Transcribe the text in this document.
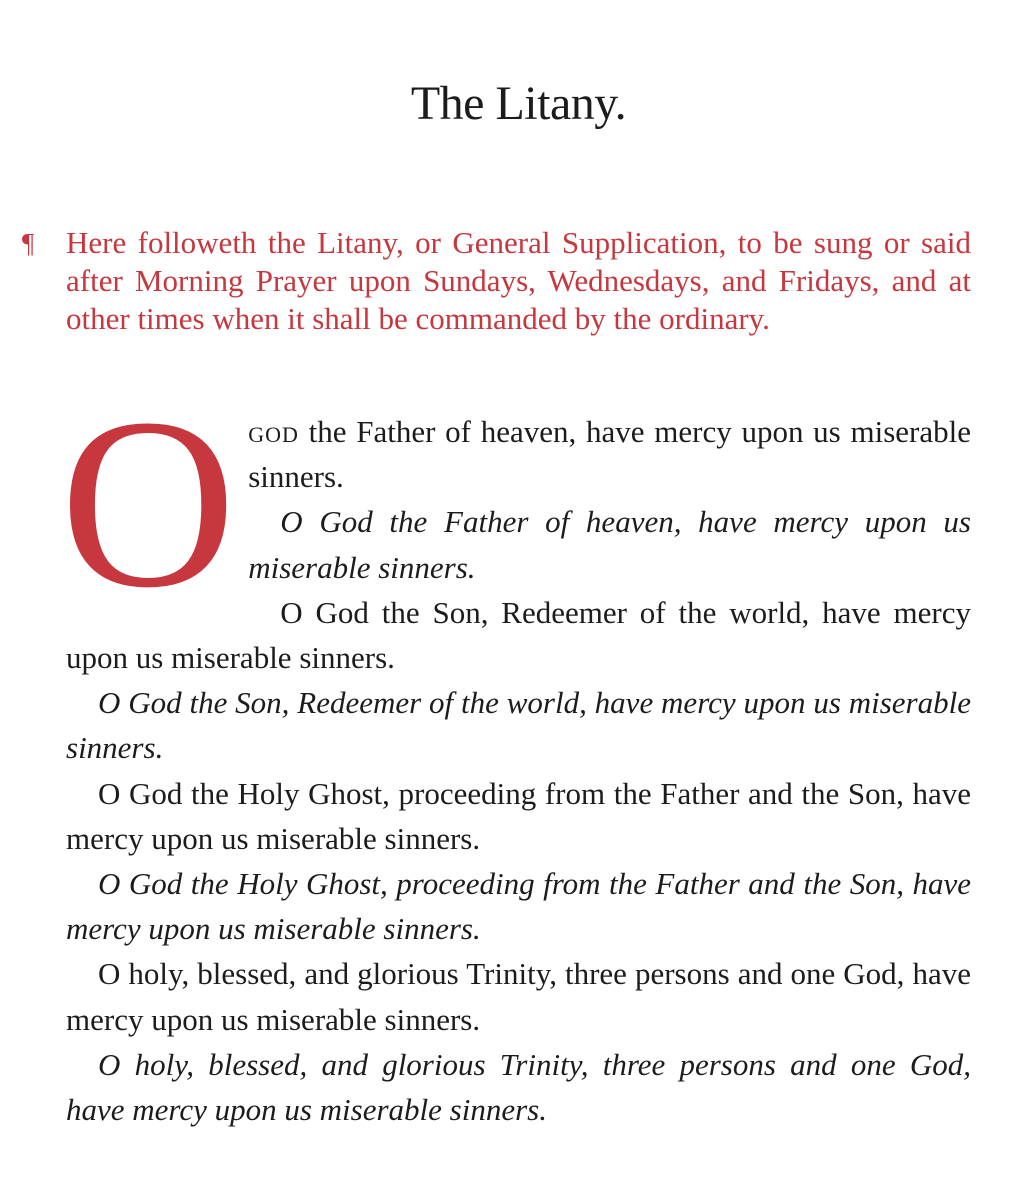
The Litany.
¶ Here followeth the Litany, or General Supplication, to be sung or said after Morning Prayer upon Sundays, Wednesdays, and Fridays, and at other times when it shall be commanded by the ordinary.

Ogod the Father of heaven, have mercy upon us miserable sinners.

O God the Father of heaven, have mercy upon us miserable sinners.

O God the Son, Redeemer of the world, have mercy upon us miserable sinners.

O God the Son, Redeemer of the world, have mercy upon us miserable sinners.

O God the Holy Ghost, proceeding from the Father and the Son, have mercy upon us miserable sinners.

O God the Holy Ghost, proceeding from the Father and the Son, have mercy upon us miserable sinners.

O holy, blessed, and glorious Trinity, three persons and one God, have mercy upon us miserable sinners.

O holy, blessed, and glorious Trinity, three persons and one God, have mercy upon us miserable sinners.
